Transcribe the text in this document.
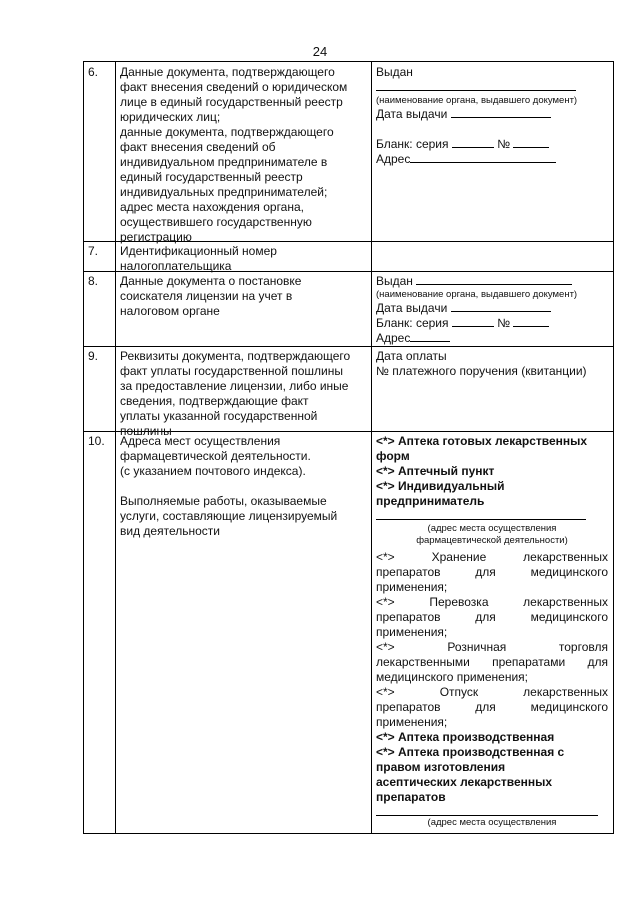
24
6. Данные документа, подтверждающего
факт внесения сведений о юридическом
лице в единый государственный реестр
юридических лиц;
данные документа, подтверждающего
факт внесения сведений об
индивидуальном предпринимателе в
единый государственный реестр
индивидуальных предпринимателей;
адрес места нахождения органа,
осуществившего государственную
регистрацию
Выдан
(наименование органа, выдавшего документ)
Дата выдачи
Бланк: серия	№
Адрес
7. Идентификационный номер
налогоплательщика
8. Данные документа о постановке
соискателя лицензии на учет в
налоговом органе
Выдан
(наименование органа, выдавшего документ)
Дата выдачи
Бланк: серия	№
Адрес
9. Реквизиты документа, подтверждающего
факт уплаты государственной пошлины
за предоставление лицензии, либо иные
сведения, подтверждающие факт
уплаты указанной государственной
пошлины
Дата оплаты
№ платежного поручения (квитанции)
10. Адреса мест осуществления
фармацевтической деятельности.
(с указанием почтового индекса).
Выполняемые работы, оказываемые
услуги, составляющие лицензируемый
вид деятельности
<*> Аптека готовых лекарственных
форм
<*> Аптечный пункт
<*> Индивидуальный
предприниматель
(адрес места осуществления
фармацевтической деятельности)
<*> Хранение лекарственных
препаратов для медицинского
применения;
<*> Перевозка лекарственных
препаратов для медицинского
применения;
<*> Розничная торговля
лекарственными препаратами для
медицинского применения;
<*> Отпуск лекарственных
препаратов для медицинского
применения;
<*> Аптека производственная
<*> Аптека производственная с
правом изготовления
асептических лекарственных
препаратов
(адрес места осуществления
